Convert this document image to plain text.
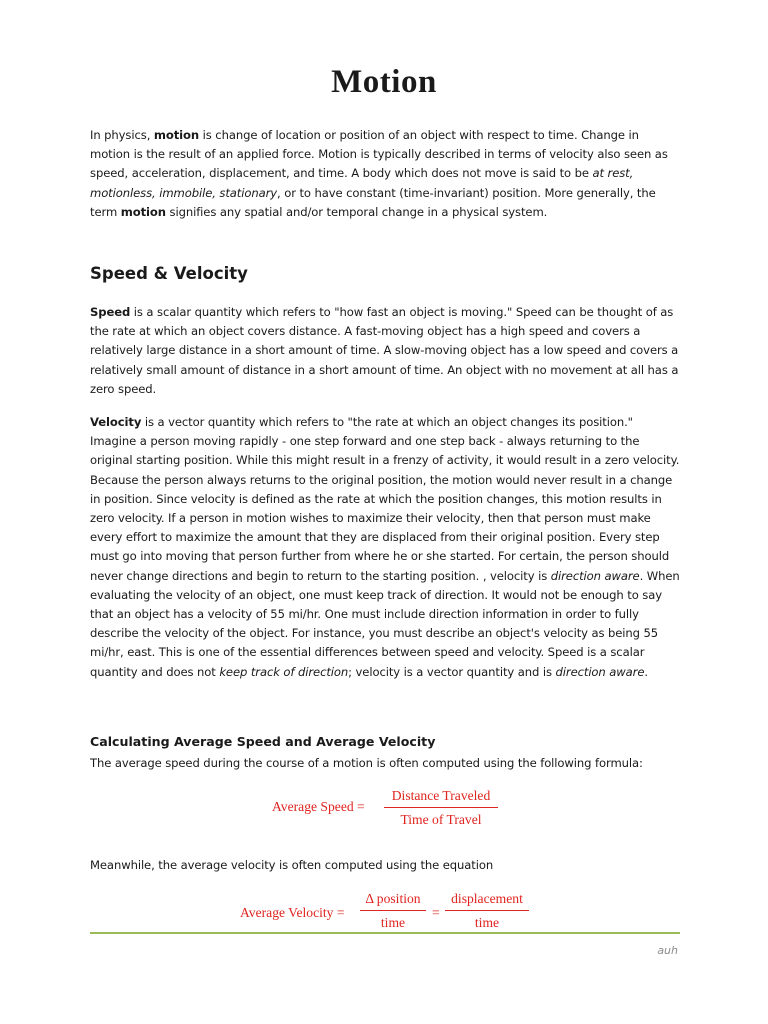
Motion

In physics, motion is change of location or position of an object with respect to time. Change in motion is the result of an applied force. Motion is typically described in terms of velocity also seen as speed, acceleration, displacement, and time. A body which does not move is said to be at rest, motionless, immobile, stationary, or to have constant (time-invariant) position. More generally, the term motion signifies any spatial and/or temporal change in a physical system.

Speed & Velocity

Speed is a scalar quantity which refers to "how fast an object is moving." Speed can be thought of as the rate at which an object covers distance. A fast-moving object has a high speed and covers a relatively large distance in a short amount of time. A slow-moving object has a low speed and covers a relatively small amount of distance in a short amount of time. An object with no movement at all has a zero speed.

Velocity is a vector quantity which refers to "the rate at which an object changes its position." Imagine a person moving rapidly - one step forward and one step back - always returning to the original starting position. While this might result in a frenzy of activity, it would result in a zero velocity. Because the person always returns to the original position, the motion would never result in a change in position. Since velocity is defined as the rate at which the position changes, this motion results in zero velocity. If a person in motion wishes to maximize their velocity, then that person must make every effort to maximize the amount that they are displaced from their original position. Every step must go into moving that person further from where he or she started. For certain, the person should never change directions and begin to return to the starting position. , velocity is direction aware. When evaluating the velocity of an object, one must keep track of direction. It would not be enough to say that an object has a velocity of 55 mi/hr. One must include direction information in order to fully describe the velocity of the object. For instance, you must describe an object's velocity as being 55 mi/hr, east. This is one of the essential differences between speed and velocity. Speed is a scalar quantity and does not keep track of direction; velocity is a vector quantity and is direction aware.

Calculating Average Speed and Average Velocity

The average speed during the course of a motion is often computed using the following formula:

Average Speed =
Distance Traveled
Time of Travel

Meanwhile, the average velocity is often computed using the equation

Average Velocity =
Δ position
time
=
displacement
time
auh
